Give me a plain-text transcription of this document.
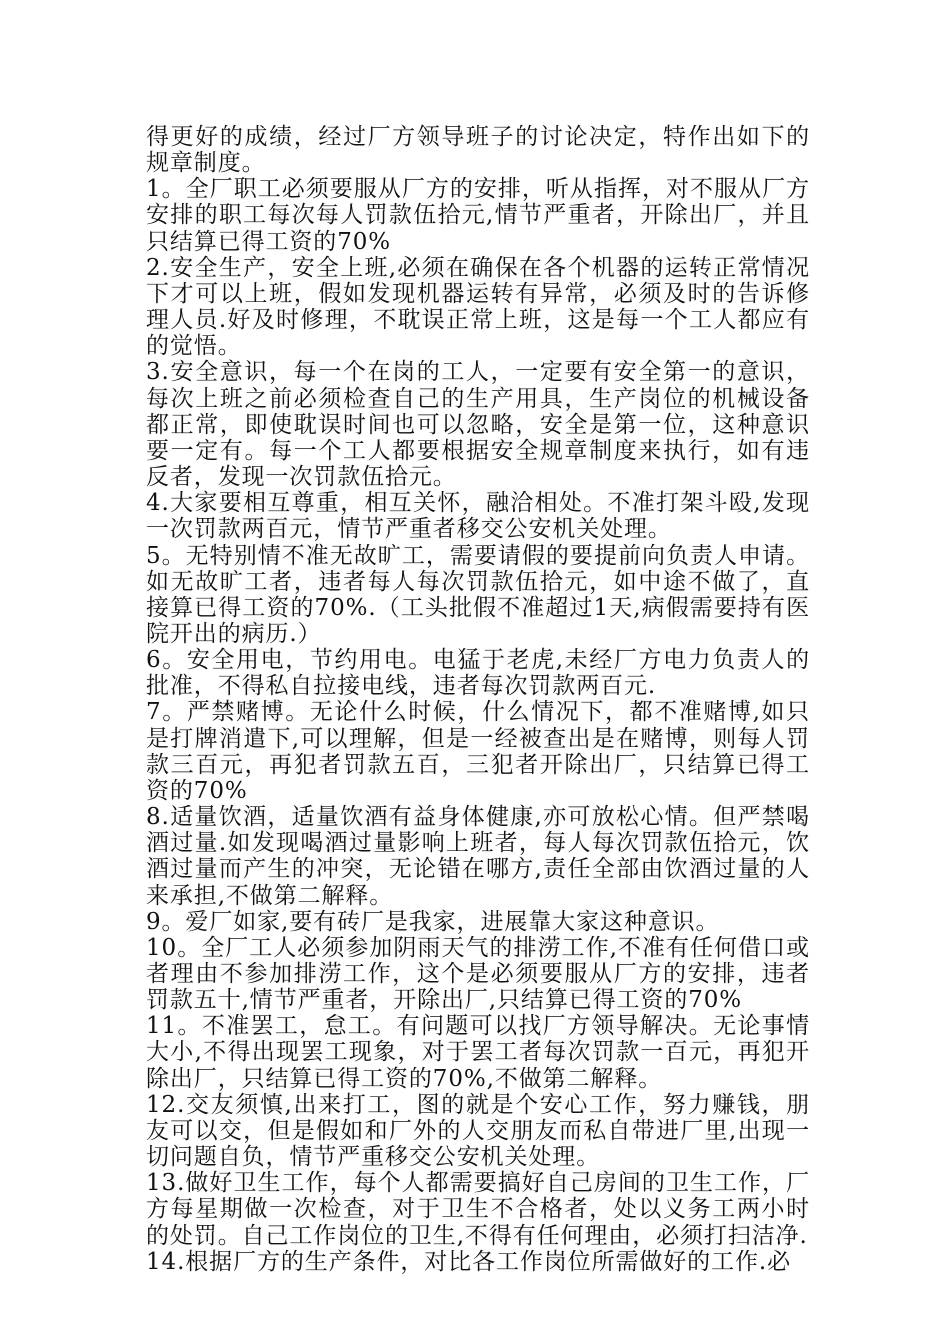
得更好的成绩，经过厂方领导班子的讨论决定，特作出如下的规章制度。

1。全厂职工必须要服从厂方的安排，听从指挥，对不服从厂方安排的职工每次每人罚款伍拾元,情节严重者，开除出厂，并且只结算已得工资的70%

2.安全生产，安全上班,必须在确保在各个机器的运转正常情况下才可以上班，假如发现机器运转有异常，必须及时的告诉修理人员.好及时修理，不耽误正常上班，这是每一个工人都应有的觉悟。

3.安全意识，每一个在岗的工人，一定要有安全第一的意识，每次上班之前必须检查自己的生产用具，生产岗位的机械设备都正常，即使耽误时间也可以忽略，安全是第一位，这种意识要一定有。每一个工人都要根据安全规章制度来执行，如有违反者，发现一次罚款伍拾元。

4.大家要相互尊重，相互关怀，融洽相处。不准打架斗殴,发现一次罚款两百元，情节严重者移交公安机关处理。

5。无特别情不准无故旷工，需要请假的要提前向负责人申请。如无故旷工者，违者每人每次罚款伍拾元，如中途不做了，直接算已得工资的70%.（工头批假不准超过1天,病假需要持有医院开出的病历.）

6。安全用电，节约用电。电猛于老虎,未经厂方电力负责人的批准，不得私自拉接电线，违者每次罚款两百元.

7。严禁赌博。无论什么时候，什么情况下，都不准赌博,如只是打牌消遣下,可以理解，但是一经被查出是在赌博，则每人罚款三百元，再犯者罚款五百，三犯者开除出厂，只结算已得工资的70%

8.适量饮酒，适量饮酒有益身体健康,亦可放松心情。但严禁喝酒过量.如发现喝酒过量影响上班者，每人每次罚款伍拾元，饮酒过量而产生的冲突，无论错在哪方,责任全部由饮酒过量的人来承担,不做第二解释。

9。爱厂如家,要有砖厂是我家，进展靠大家这种意识。

10。全厂工人必须参加阴雨天气的排涝工作,不准有任何借口或者理由不参加排涝工作，这个是必须要服从厂方的安排，违者罚款五十,情节严重者，开除出厂,只结算已得工资的70%

11。不准罢工，怠工。有问题可以找厂方领导解决。无论事情大小,不得出现罢工现象，对于罢工者每次罚款一百元，再犯开除出厂，只结算已得工资的70%,不做第二解释。

12.交友须慎,出来打工，图的就是个安心工作，努力赚钱，朋友可以交，但是假如和厂外的人交朋友而私自带进厂里,出现一切问题自负，情节严重移交公安机关处理。

13.做好卫生工作，每个人都需要搞好自己房间的卫生工作，厂方每星期做一次检查，对于卫生不合格者，处以义务工两小时的处罚。自己工作岗位的卫生,不得有任何理由，必须打扫洁净.

14.根据厂方的生产条件，对比各工作岗位所需做好的工作.必
